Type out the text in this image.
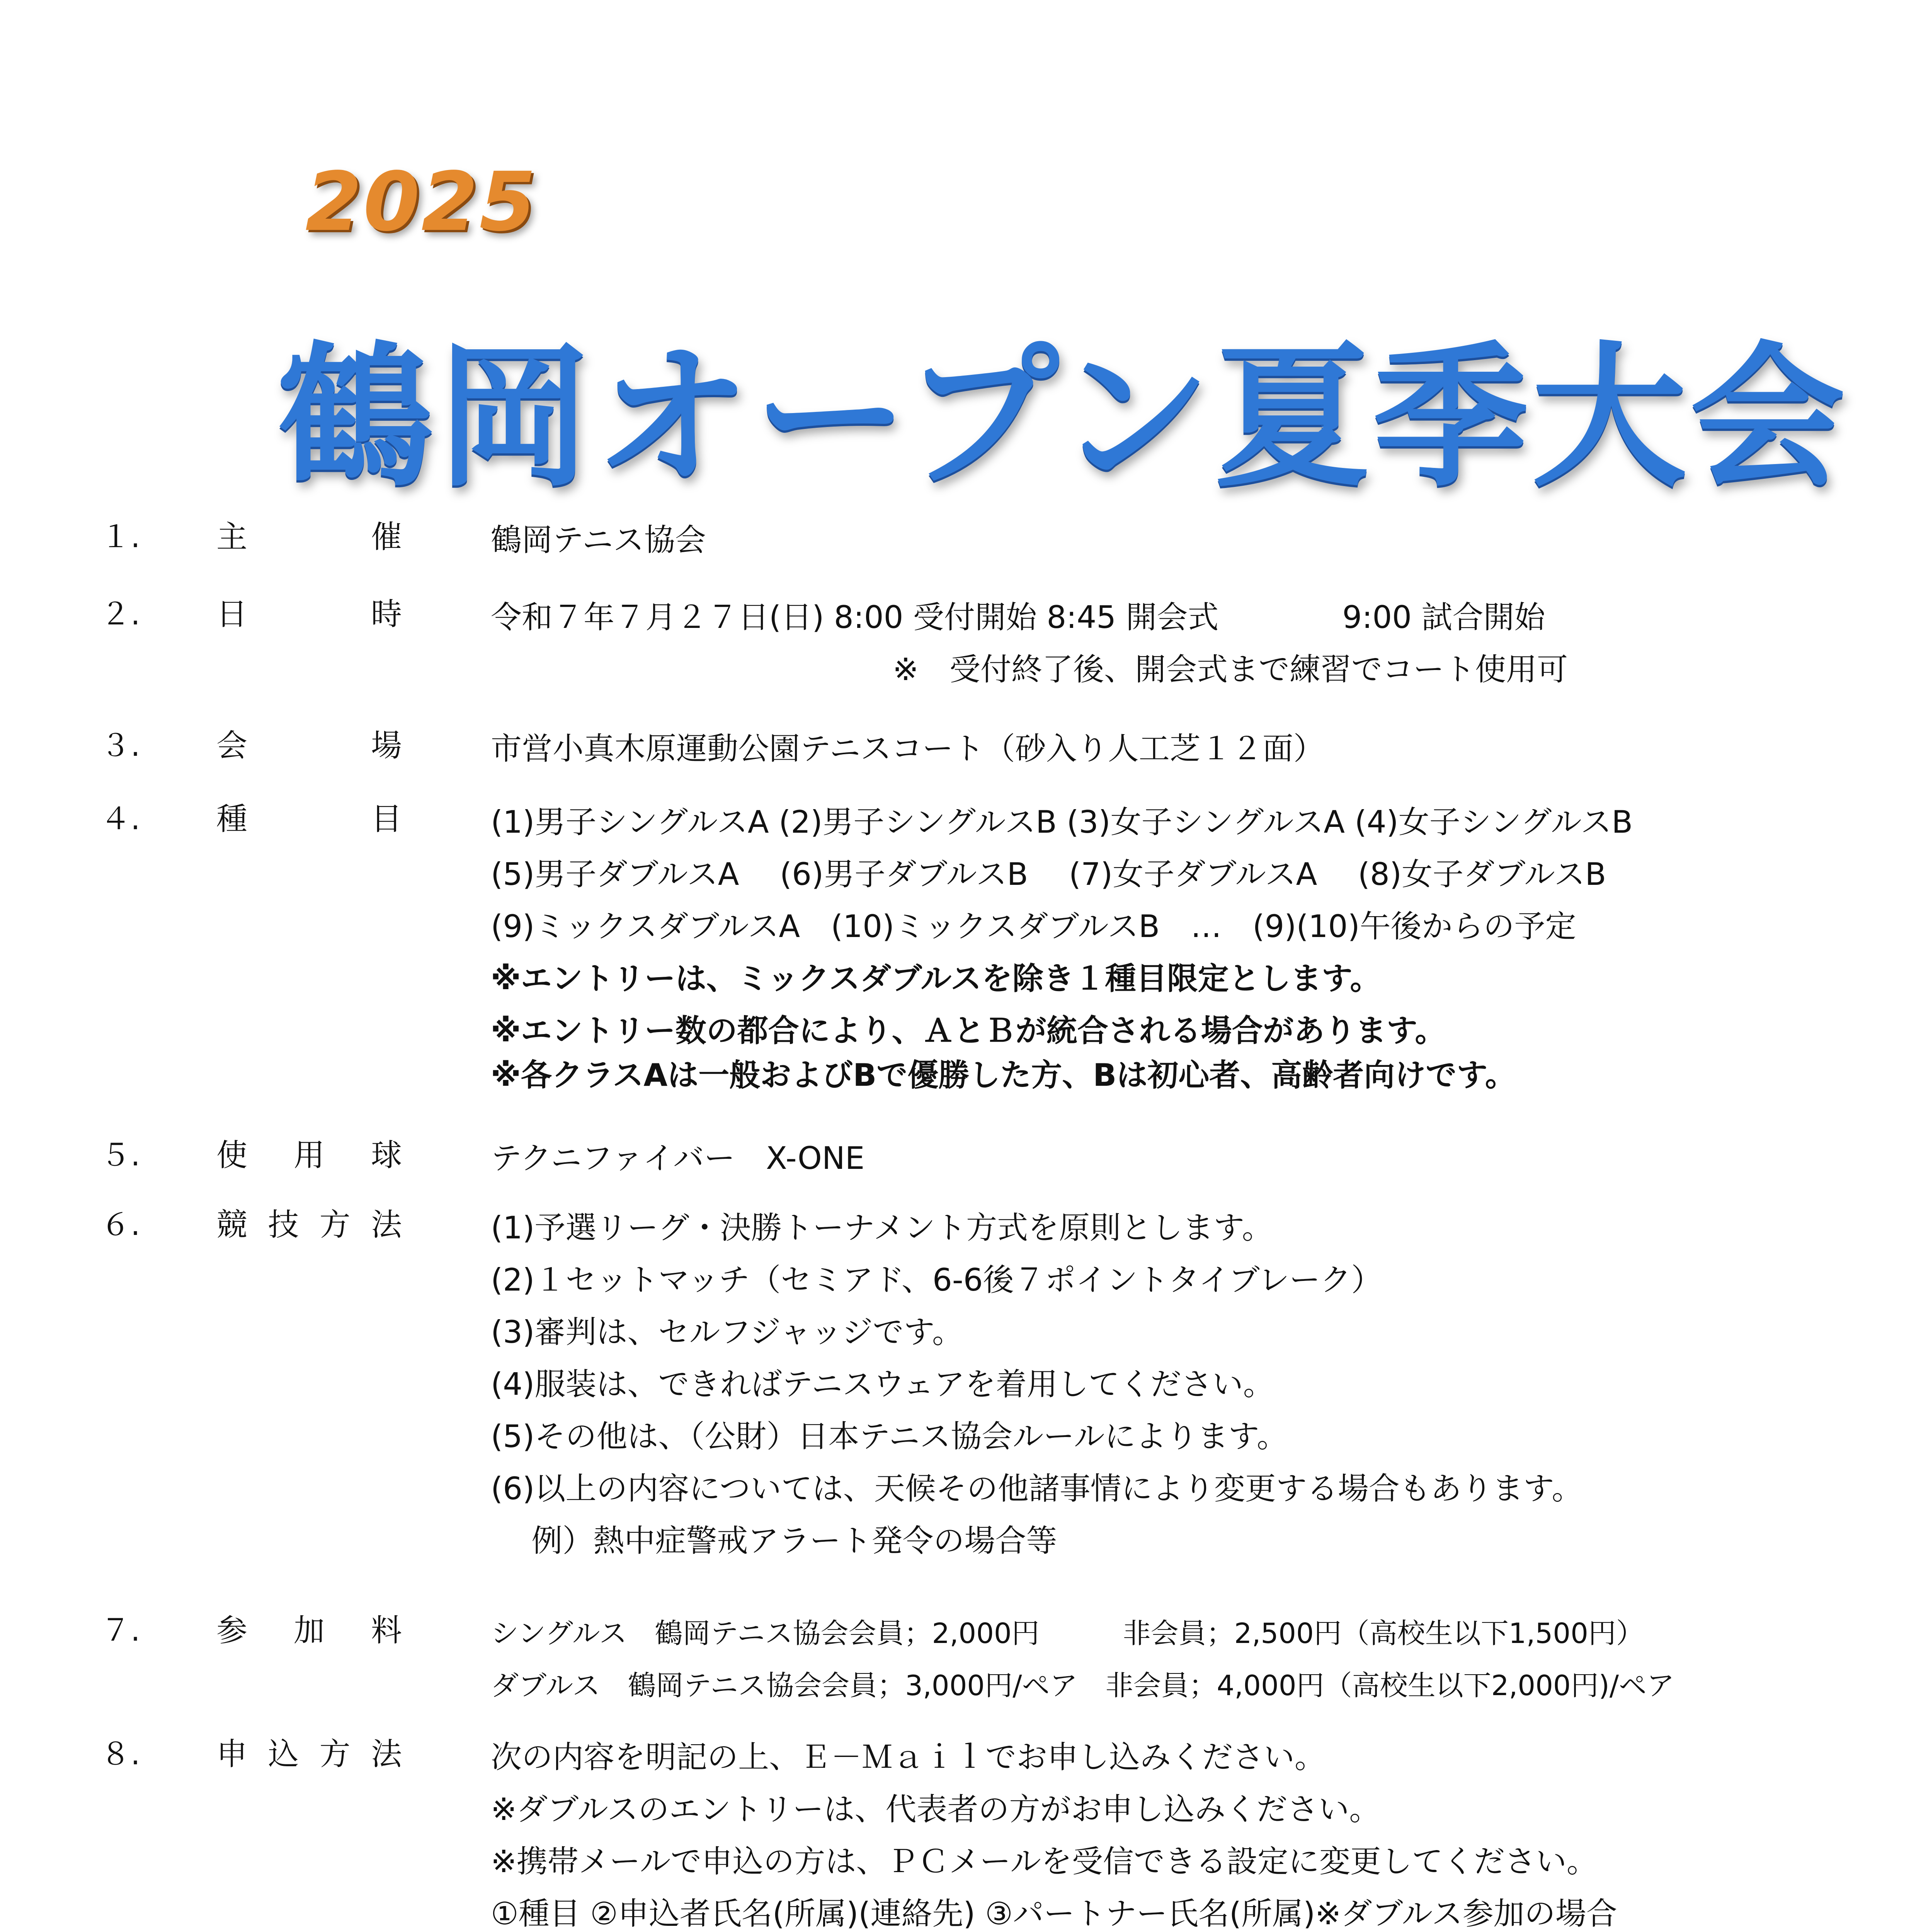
2025
鶴岡オープン夏季大会
１. 主	催	鶴岡テニス協会
２. 日	時	令和７年７月２７日(日) 8:00 受付開始 8:45 開会式　　　　9:00 試合開始
　　　　　　　　　　　　　※　受付終了後、開会式まで練習でコート使用可
３. 会	場	市営小真木原運動公園テニスコート（砂入り人工芝１２面）
４. 種	目	(1)男子シングルスA (2)男子シングルスB (3)女子シングルスA (4)女子シングルスB
(5)男子ダブルスA　 (6)男子ダブルスB　 (7)女子ダブルスA　 (8)女子ダブルスB
(9)ミックスダブルスA　(10)ミックスダブルスB　…　(9)(10)午後からの予定
※エントリーは、ミックスダブルスを除き１種目限定とします。
※エントリー数の都合により、ＡとＢが統合される場合があります。
※各クラスAは一般およびBで優勝した方、Bは初心者、高齢者向けです。
５. 使 用 球	テクニファイバー　X-ONE
６. 競 技 方 法	(1)予選リーグ・決勝トーナメント方式を原則とします。
(2)１セットマッチ（セミアド、6-6後７ポイントタイブレーク）
(3)審判は、セルフジャッジです。
(4)服装は、できればテニスウェアを着用してください。
(5)その他は、（公財）日本テニス協会ルールによります。
(6)以上の内容については、天候その他諸事情により変更する場合もあります。
　 例）熱中症警戒アラート発令の場合等
７. 参 加 料	シングルス　鶴岡テニス協会会員；2,000円　　　非会員；2,500円（高校生以下1,500円）
ダブルス　鶴岡テニス協会会員；3,000円/ペア　非会員；4,000円（高校生以下2,000円)/ペア
８. 申 込 方 法	次の内容を明記の上、Ｅ－Ｍａｉｌでお申し込みください。
※ダブルスのエントリーは、代表者の方がお申し込みください。
※携帯メールで申込の方は、ＰＣメールを受信できる設定に変更してください。
①種目 ②申込者氏名(所属)(連絡先) ③パートナー氏名(所属)※ダブルス参加の場合
